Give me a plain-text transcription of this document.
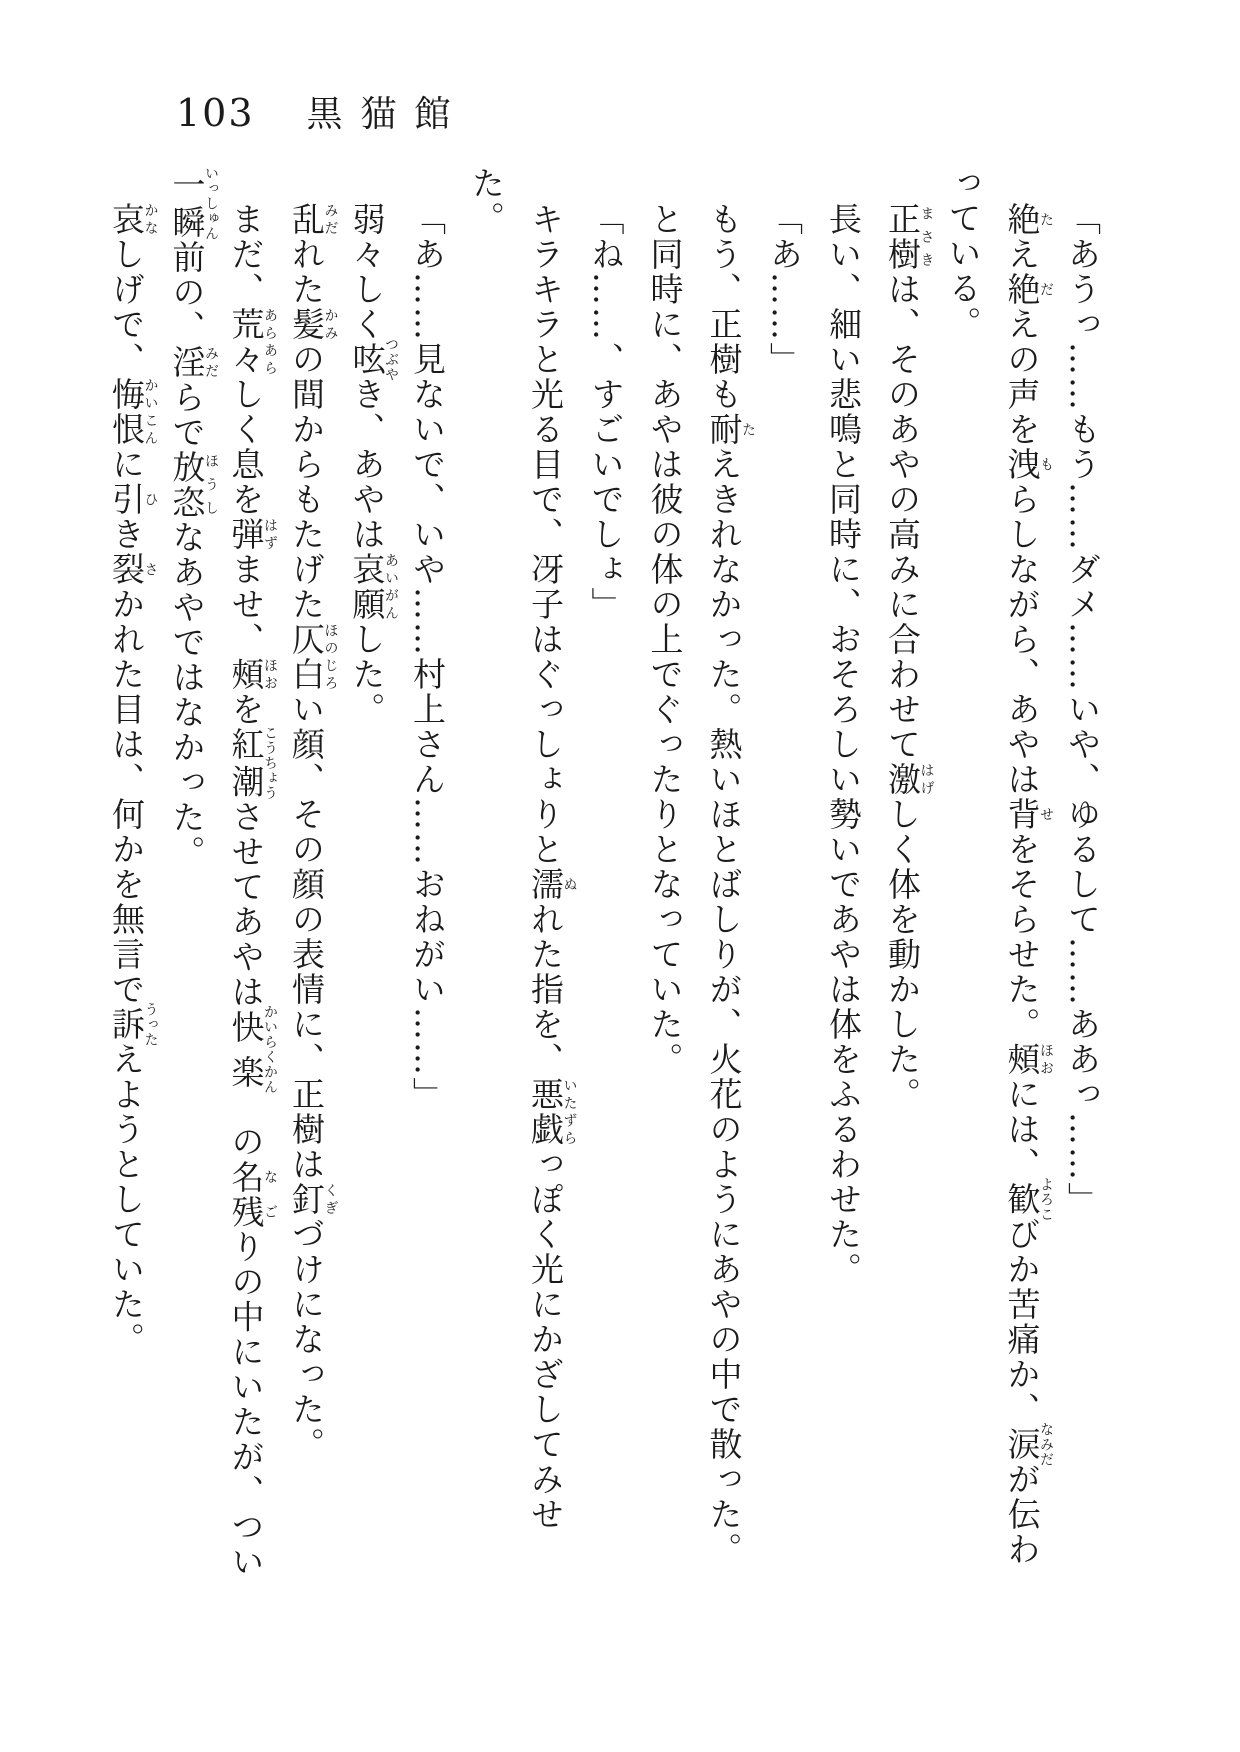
103 黒猫館

「あうっ……もう……ダメ……いや、ゆるして……ああっ……」

絶たえ絶だえの声を洩もらしながら、あやは背せをそらせた。頰ほおには、歓よろこびか苦痛か、涙なみだが伝わっている。

正樹まさきは、そのあやの高みに合わせて激はげしく体を動かした。

長い、細い悲鳴と同時に、おそろしい勢いであやは体をふるわせた。

「あ……」

もう、正樹も耐たえきれなかった。熱いほとばしりが、火花のようにあやの中で散った。

と同時に、あやは彼の体の上でぐったりとなっていた。

「ね……、すごいでしょ」

キラキラと光る目で、冴子はぐっしょりと濡ぬれた指を、悪戯いたずらっぽく光にかざしてみせた。

「あ……見ないで、いや……村上さん……おねがい……」

弱々しく呟つぶやき、あやは哀願あいがんした。

乱みだれた髪かみの間からもたげた仄白ほのじろい顔、その顔の表情に、正樹は釘くぎづけになった。

まだ、荒々あらあらしく息を弾はずませ、頰ほおを紅潮こうちょうさせてあやは快楽かいらくかん　の名残なごりの中にいたが、つい一瞬いっしゅん前の、淫みだらで放恣ほうしなあやではなかった。

哀かなしげで、悔恨かいこんに引ひき裂さかれた目は、何かを無言で訴うったえようとしていた。
